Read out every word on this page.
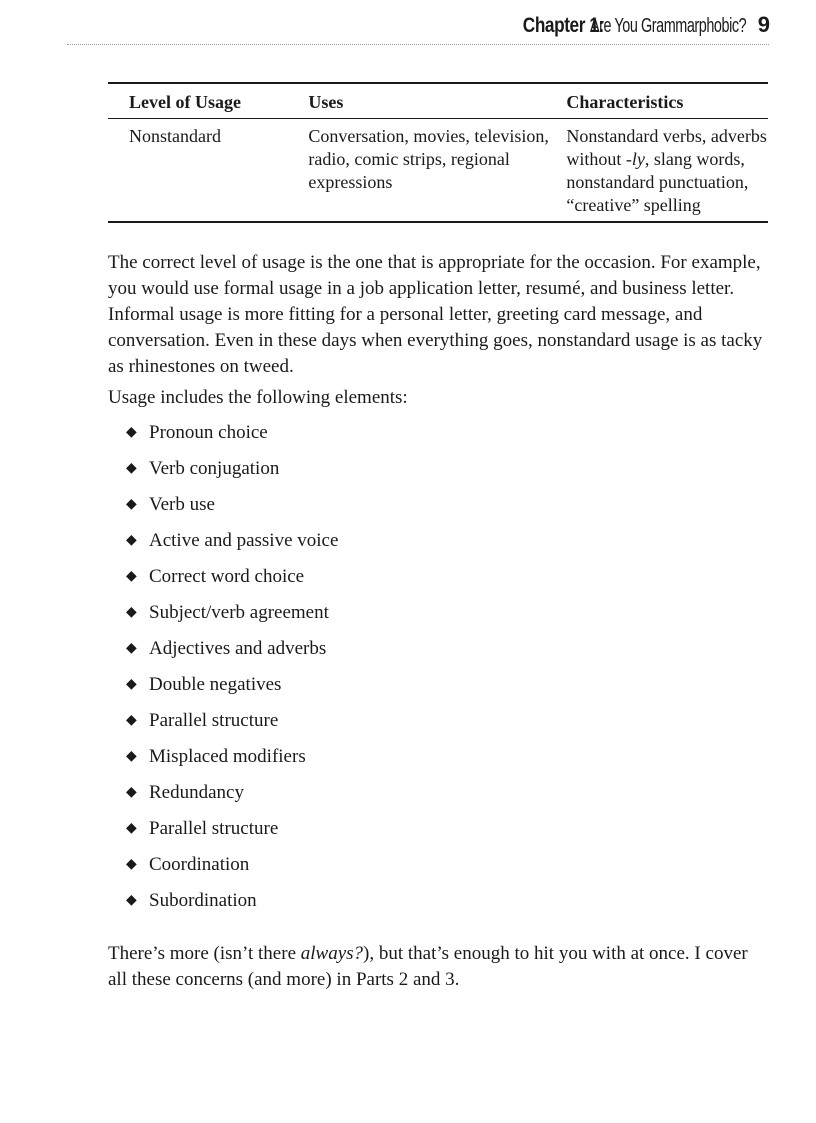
Chapter 1:
Are You Grammarphobic? 9
Level of Usage	Uses	Characteristics
Nonstandard	Conversation, movies, television, radio, comic strips, regional expressions	Nonstandard verbs, adverbs without -ly, slang words, nonstandard punctuation, “creative” spelling

The correct level of usage is the one that is appropriate for the occasion. For example, you would use formal usage in a job application letter, resumé, and business letter. Informal usage is more fitting for a personal letter, greeting card message, and conversation. Even in these days when everything goes, nonstandard usage is as tacky as rhinestones on tweed.

Usage includes the following elements:

◆ Pronoun choice
◆ Verb conjugation
◆ Verb use
◆ Active and passive voice
◆ Correct word choice
◆ Subject/verb agreement
◆ Adjectives and adverbs
◆ Double negatives
◆ Parallel structure
◆ Misplaced modifiers
◆ Redundancy
◆ Parallel structure
◆ Coordination
◆ Subordination

There’s more (isn’t there always?), but that’s enough to hit you with at once. I cover all these concerns (and more) in Parts 2 and 3.
